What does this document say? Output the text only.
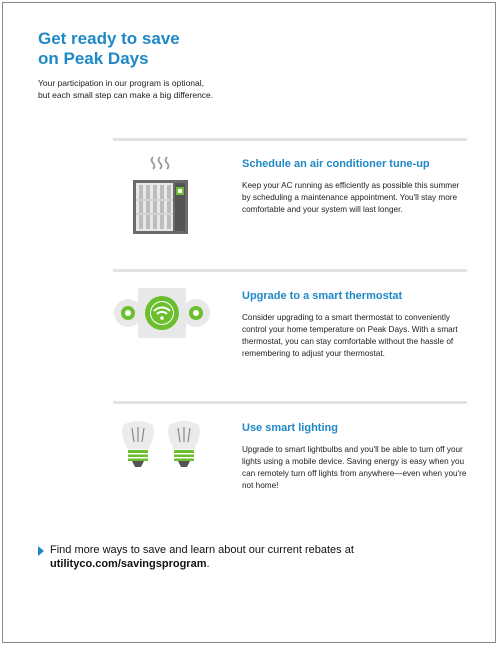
Get ready to save
on Peak Days

Your participation in our program is optional,
but each small step can make a big difference.

Schedule an air conditioner tune-up

Keep your AC running as efficiently as possible this summer by scheduling a maintenance appointment. You'll stay more comfortable and your system will last longer.

Upgrade to a smart thermostat

Consider upgrading to a smart thermostat to conveniently control your home temperature on Peak Days. With a smart thermostat, you can stay comfortable without the hassle of remembering to adjust your thermostat.

Use smart lighting

Upgrade to smart lightbulbs and you'll be able to turn off your lights using a mobile device. Saving energy is easy when you can remotely turn off lights from anywhere—even when you're not home!

Find more ways to save and learn about our current rebates at
utilityco.com/savingsprogram.
